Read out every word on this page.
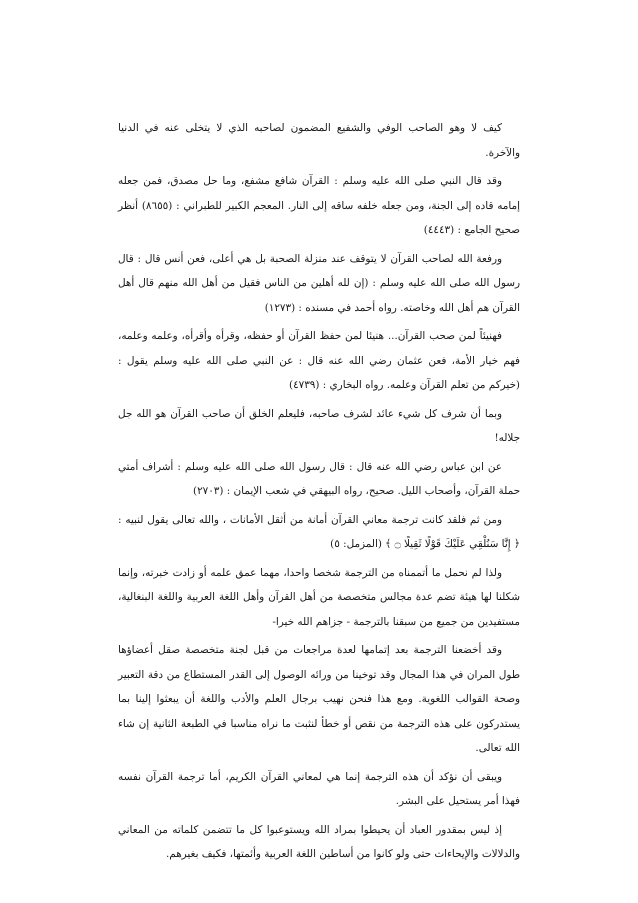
كيف لا وهو الصاحب الوفي والشفيع المضمون لصاحبه الذي لا يتخلى عنه في الدنيا والآخرة.

وقد قال النبي صلى الله عليه وسلم : القرآن شافع مشفع، وما حل مصدق، فمن جعله إمامه قاده إلى الجنة، ومن جعله خلفه ساقه إلى النار. المعجم الكبير للطبراني : (٨٦٥٥) أنظر صحيح الجامع : (٤٤٤٣)

ورفعة الله لصاحب القرآن لا يتوقف عند منزلة الصحبة بل هي أعلى، فعن أنس قال : قال رسول الله صلى الله عليه وسلم : (إن لله أهلين من الناس فقيل من أهل الله منهم قال أهل القرآن هم أهل الله وخاصته. رواه أحمد في مسنده : (١٢٧٣)

فهنيئاً لمن صحب القرآن... هنيئا لمن حفظ القرآن أو حفظه، وقرأه وأقرأه، وعلمه وعلمه، فهم خيار الأمة، فعن عثمان رضي الله عنه قال : عن النبي صلى الله عليه وسلم يقول : (خيركم من تعلم القرآن وعلمه. رواه البخاري : (٤٧٣٩)

وبما أن شرف كل شيء عائد لشرف صاحبه، فليعلم الخلق أن صاحب القرآن هو الله جل جلاله!

عن ابن عباس رضي الله عنه قال : قال رسول الله صلى الله عليه وسلم : أشراف أمتي حملة القرآن، وأصحاب الليل. صحيح، رواه البيهقي في شعب الإيمان : (٢٧٠٣)

ومن ثم فلقد كانت ترجمة معاني القرآن أمانة من أثقل الأمانات ، والله تعالى يقول لنبيه : ﴿ إِنَّا سَنُلْقِي عَلَيْكَ قَوْلًا ثَقِيلًا ۝ ﴾ (المزمل: ٥)

ولذا لم نحمل ما أتممناه من الترجمة شخصا واحدا، مهما عمق علمه أو زادت خبرته، وإنما شكلنا لها هيئة تضم عدة مجالس متخصصة من أهل القرآن وأهل اللغة العربية واللغة البنغالية، مستفيدين من جميع من سبقنا بالترجمة - جزاهم الله خيرا-

وقد أخضعنا الترجمة بعد إتمامها لعدة مراجعات من قبل لجنة متخصصة صقل أعضاؤها طول المران في هذا المجال وقد توخينا من ورائه الوصول إلى القدر المستطاع من دقة التعبير وصحة القوالب اللغوية. ومع هذا فنحن نهيب برجال العلم والأدب واللغة أن يبعثوا إلينا بما يستدركون على هذه الترجمة من نقص أو خطأ لنثبت ما نراه مناسبا في الطبعة الثانية إن شاء الله تعالى.

ويبقى أن نؤكد أن هذه الترجمة إنما هي لمعاني القرآن الكريم، أما ترجمة القرآن نفسه فهذا أمر يستحيل على البشر.

إذ ليس بمقدور العباد أن يحيطوا بمراد الله ويستوعبوا كل ما تتضمن كلماته من المعاني والدلالات والإيحاءات حتى ولو كانوا من أساطين اللغة العربية وأئمتها، فكيف بغيرهم.
